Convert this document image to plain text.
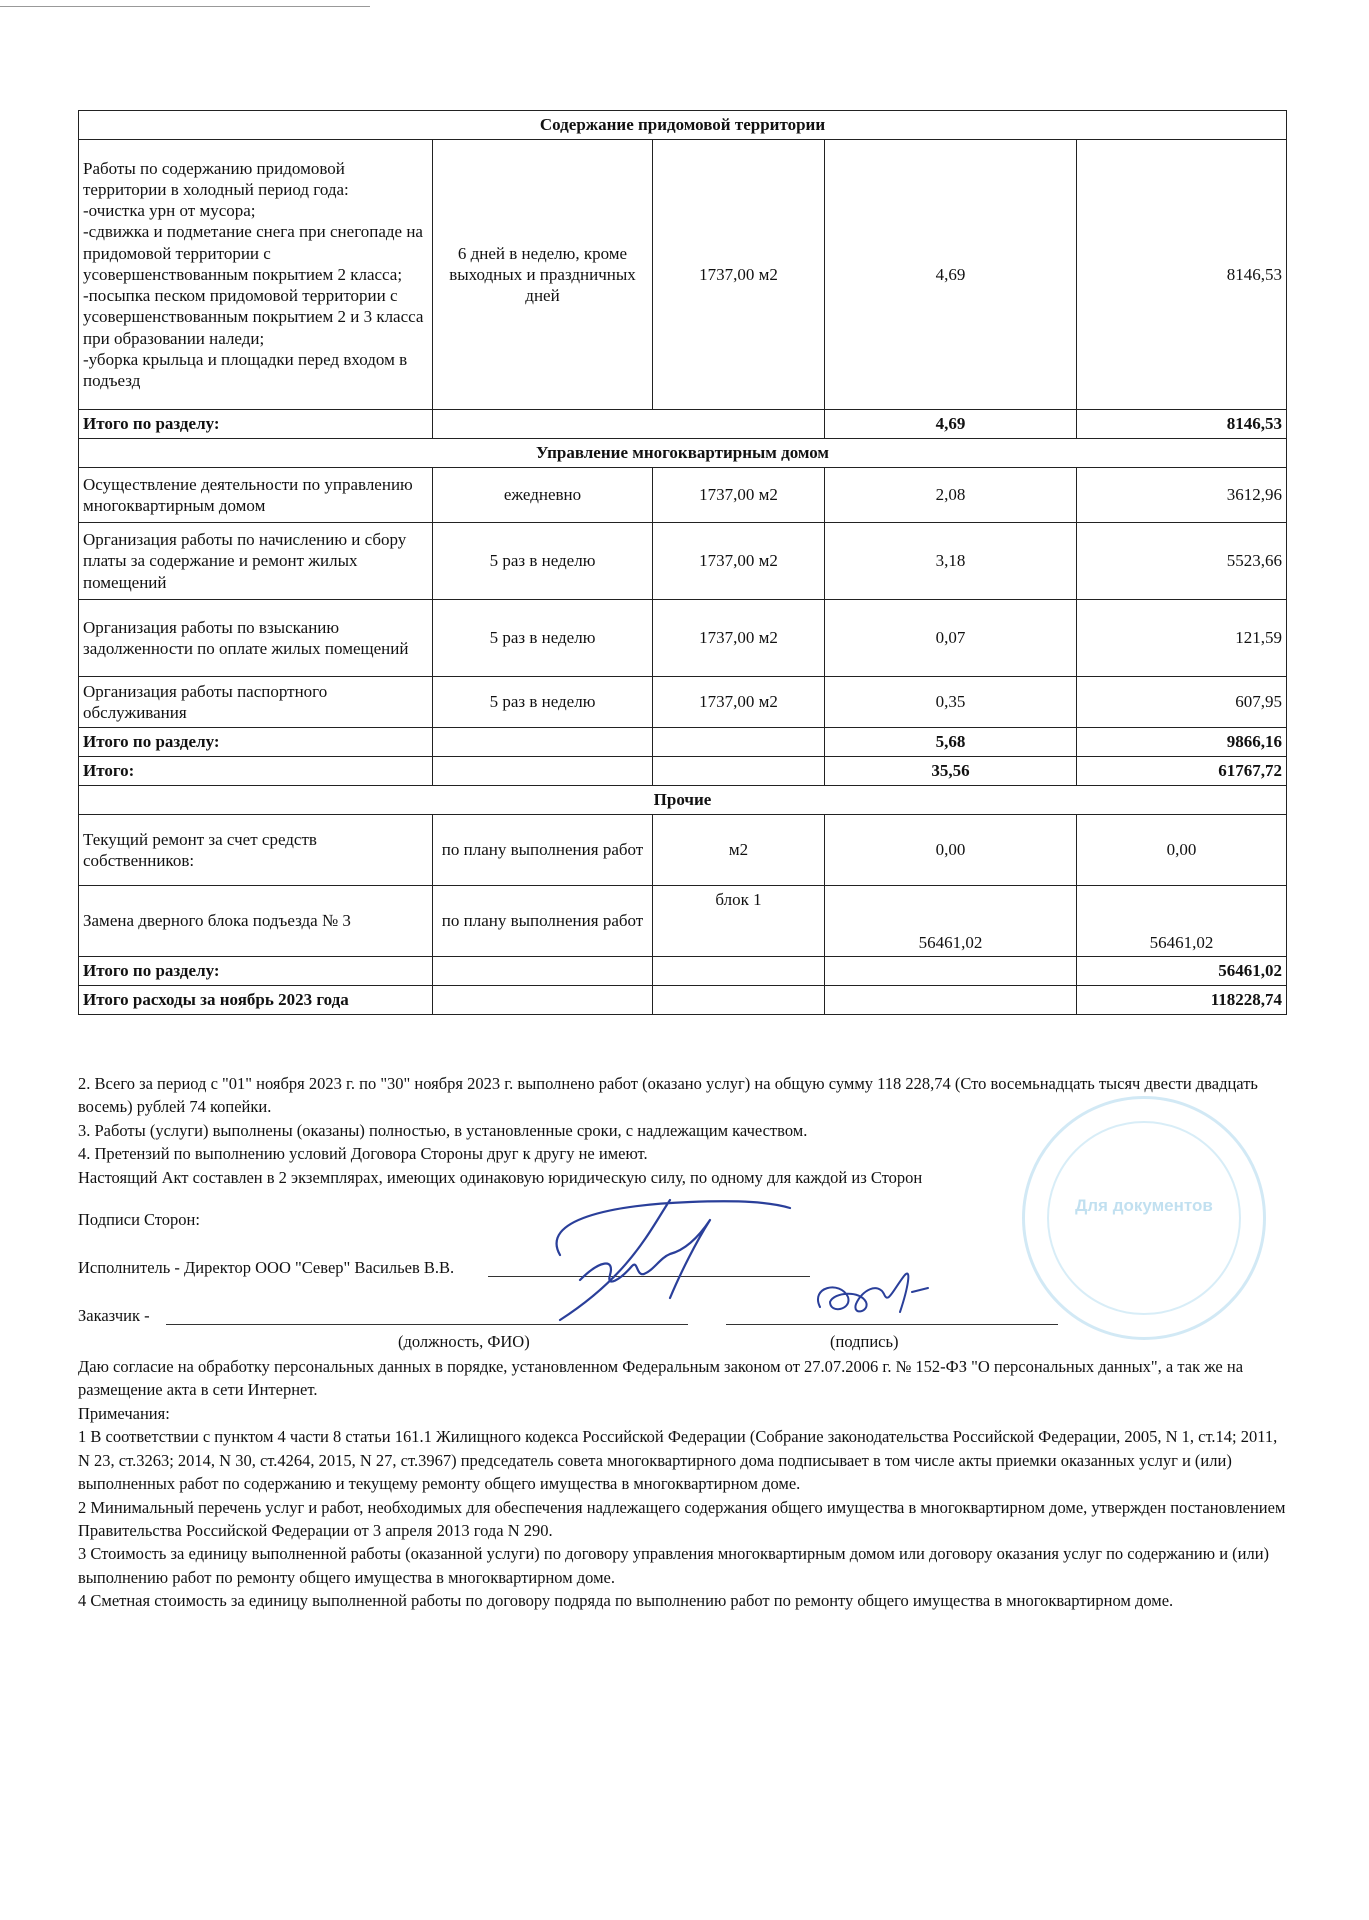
Содержание придомовой территории				
Работы по содержанию придомовой территории в холодный период года:
-очистка урн от мусора;
-сдвижка и подметание снега при снегопаде на придомовой территории с усовершенствованным покрытием 2 класса;
-посыпка песком придомовой территории с усовершенствованным покрытием 2 и 3 класса при образовании наледи;
-уборка крыльца и площадки перед входом в подъезд	6 дней в неделю, кроме выходных и праздничных дней	1737,00 м2	4,69	8146,53
Итого по разделу:			4,69	8146,53
Управление многоквартирным домом				
Осуществление деятельности по управлению многоквартирным домом	ежедневно	1737,00 м2	2,08	3612,96
Организация работы по начислению и сбору платы за содержание и ремонт жилых помещений	5 раз в неделю	1737,00 м2	3,18	5523,66
Организация работы по взысканию задолженности по оплате жилых помещений	5 раз в неделю	1737,00 м2	0,07	121,59
Организация работы паспортного обслуживания	5 раз в неделю	1737,00 м2	0,35	607,95
Итого по разделу:			5,68	9866,16
Итого:			35,56	61767,72
Прочие				
Текущий ремонт за счет средств собственников:	по плану выполнения работ	м2	0,00	0,00
Замена дверного блока подъезда № 3	по плану выполнения работ	блок 1	56461,02	56461,02
Итого по разделу:				56461,02
Итого расходы за ноябрь 2023 года				118228,74

2. Всего за период с "01" ноября 2023 г. по "30" ноября 2023 г. выполнено работ (оказано услуг) на общую сумму 118 228,74 (Сто восемьнадцать тысяч двести двадцать восемь) рублей 74 копейки.

3. Работы (услуги) выполнены (оказаны) полностью, в установленные сроки, с надлежащим качеством.

4. Претензий по выполнению условий Договора Стороны друг к другу не имеют.

Настоящий Акт составлен в 2 экземплярах, имеющих одинаковую юридическую силу, по одному для каждой из Сторон

Подписи Сторон:
Исполнитель - Директор ООО "Север" Васильев В.В.
Заказчик -
(должность, ФИО)	(подпись)

Даю согласие на обработку персональных данных в порядке, установленном Федеральным законом от 27.07.2006 г. № 152-ФЗ "О персональных данных", а так же на размещение акта в сети Интернет.

Примечания:

1 В соответствии с пунктом 4 части 8 статьи 161.1 Жилищного кодекса Российской Федерации (Собрание законодательства Российской Федерации, 2005, N 1, ст.14; 2011, N 23, ст.3263; 2014, N 30, ст.4264, 2015, N 27, ст.3967) председатель совета многоквартирного дома подписывает в том числе акты приемки оказанных услуг и (или) выполненных работ по содержанию и текущему ремонту общего имущества в многоквартирном доме.

2 Минимальный перечень услуг и работ, необходимых для обеспечения надлежащего содержания общего имущества в многоквартирном доме, утвержден постановлением Правительства Российской Федерации от 3 апреля 2013 года N 290.

3 Стоимость за единицу выполненной работы (оказанной услуги) по договору управления многоквартирным домом или договору оказания услуг по содержанию и (или) выполнению работ по ремонту общего имущества в многоквартирном доме.

4 Сметная стоимость за единицу выполненной работы по договору подряда по выполнению работ по ремонту общего имущества в многоквартирном доме.

Для документов
